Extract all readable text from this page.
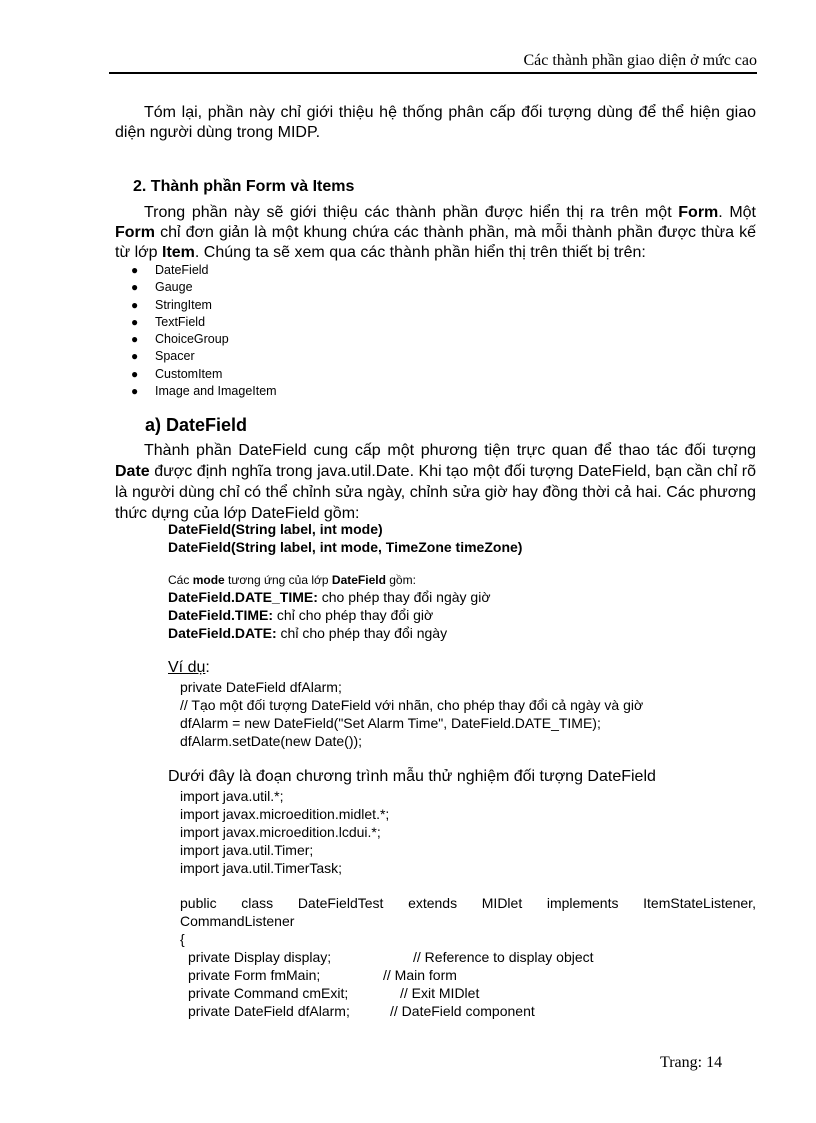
Các thành phần giao diện ở mức cao
Tóm lại, phần này chỉ giới thiệu hệ thống phân cấp đối tượng dùng để thể hiện giao diện người dùng trong MIDP.
2. Thành phần Form và Items
Trong phần này sẽ giới thiệu các thành phần được hiển thị ra trên một Form. Một Form chỉ đơn giản là một khung chứa các thành phần, mà mỗi thành phần được thừa kế từ lớp Item. Chúng ta sẽ xem qua các thành phần hiển thị trên thiết bị trên:
● DateField
● Gauge
● StringItem
● TextField
● ChoiceGroup
● Spacer
● CustomItem
● Image and ImageItem
a) DateField
Thành phần DateField cung cấp một phương tiện trực quan để thao tác đối tượng Date được định nghĩa trong java.util.Date. Khi tạo một đối tượng DateField, bạn cần chỉ rõ là người dùng chỉ có thể chỉnh sửa ngày, chỉnh sửa giờ hay đồng thời cả hai. Các phương thức dựng của lớp DateField gồm:
DateField(String label, int mode)
DateField(String label, int mode, TimeZone timeZone)
Các mode tương ứng của lớp DateField gồm:
DateField.DATE_TIME: cho phép thay đổi ngày giờ
DateField.TIME: chỉ cho phép thay đổi giờ
DateField.DATE: chỉ cho phép thay đổi ngày
Ví dụ:
private DateField dfAlarm;
// Tạo một đối tượng DateField với nhãn, cho phép thay đổi cả ngày và giờ
dfAlarm = new DateField("Set Alarm Time", DateField.DATE_TIME);
dfAlarm.setDate(new Date());
Dưới đây là đoạn chương trình mẫu thử nghiệm đối tượng DateField
import java.util.*;
import javax.microedition.midlet.*;
import javax.microedition.lcdui.*;
import java.util.Timer;
import java.util.TimerTask;
public class DateFieldTest extends MIDlet implements ItemStateListener,
CommandListener
{
private Display display;	// Reference to display object
private Form fmMain;	// Main form
private Command cmExit;	// Exit MIDlet
private DateField dfAlarm;	// DateField component
Trang: 14
